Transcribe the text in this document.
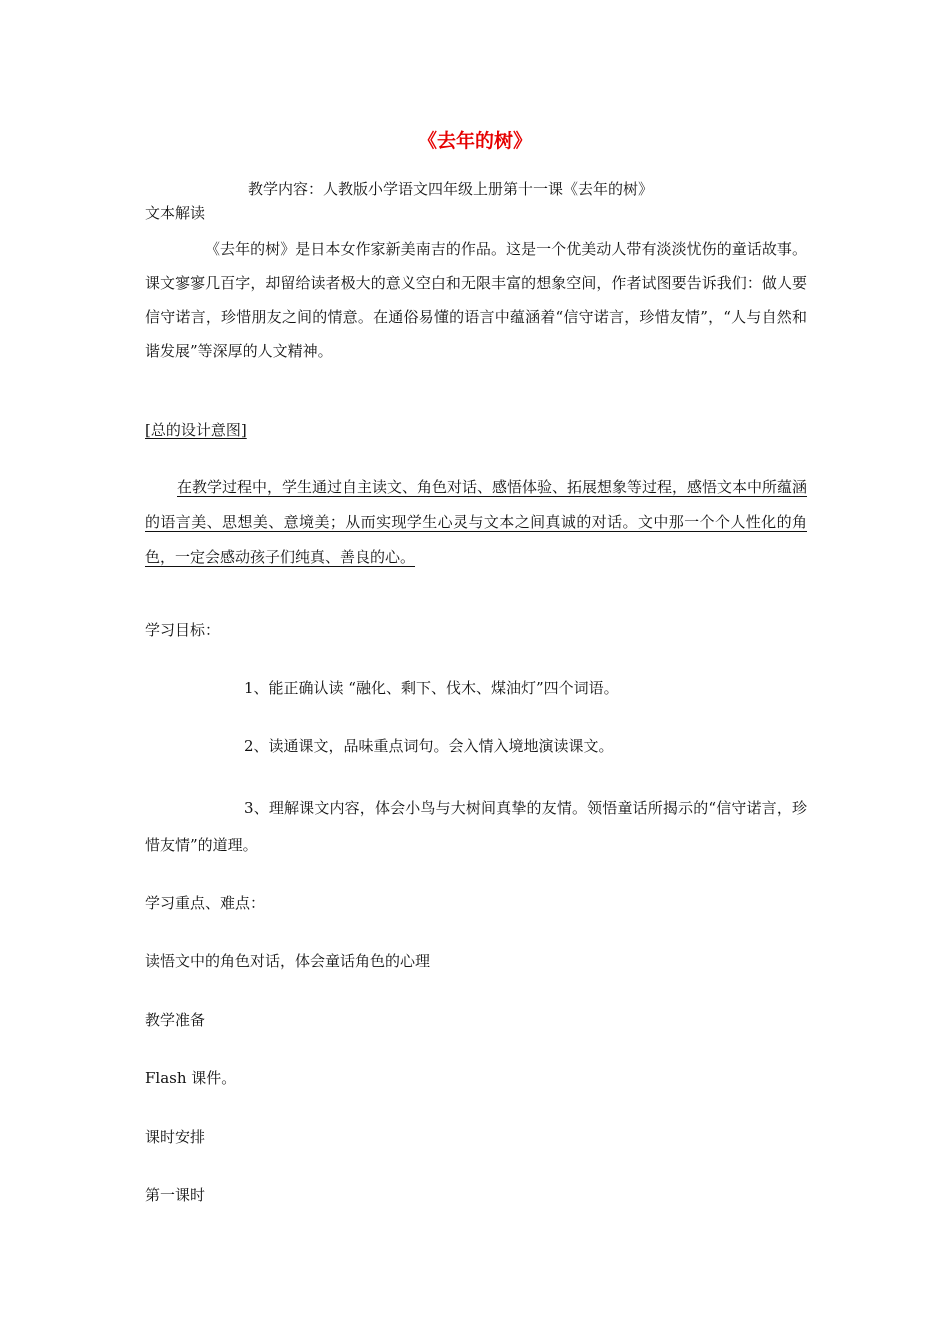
《去年的树》
教学内容：人教版小学语文四年级上册第十一课《去年的树》
文本解读
《去年的树》是日本女作家新美南吉的作品。这是一个优美动人带有淡淡忧伤的童话故事。课文寥寥几百字，却留给读者极大的意义空白和无限丰富的想象空间，作者试图要告诉我们：做人要信守诺言，珍惜朋友之间的情意。在通俗易懂的语言中蕴涵着“信守诺言，珍惜友情”，“人与自然和谐发展”等深厚的人文精神。
[总的设计意图]
在教学过程中，学生通过自主读文、角色对话、感悟体验、拓展想象等过程，感悟文本中所蕴涵的语言美、思想美、意境美；从而实现学生心灵与文本之间真诚的对话。文中那一个个人性化的角色，一定会感动孩子们纯真、善良的心。
学习目标：
1、能正确认读 “融化、剩下、伐木、煤油灯”四个词语。
2、读通课文，品味重点词句。会入情入境地演读课文。
3、理解课文内容，体会小鸟与大树间真挚的友情。领悟童话所揭示的“信守诺言，珍惜友情”的道理。
学习重点、难点：
读悟文中的角色对话，体会童话角色的心理
教学准备
Flash 课件。
课时安排
第一课时
